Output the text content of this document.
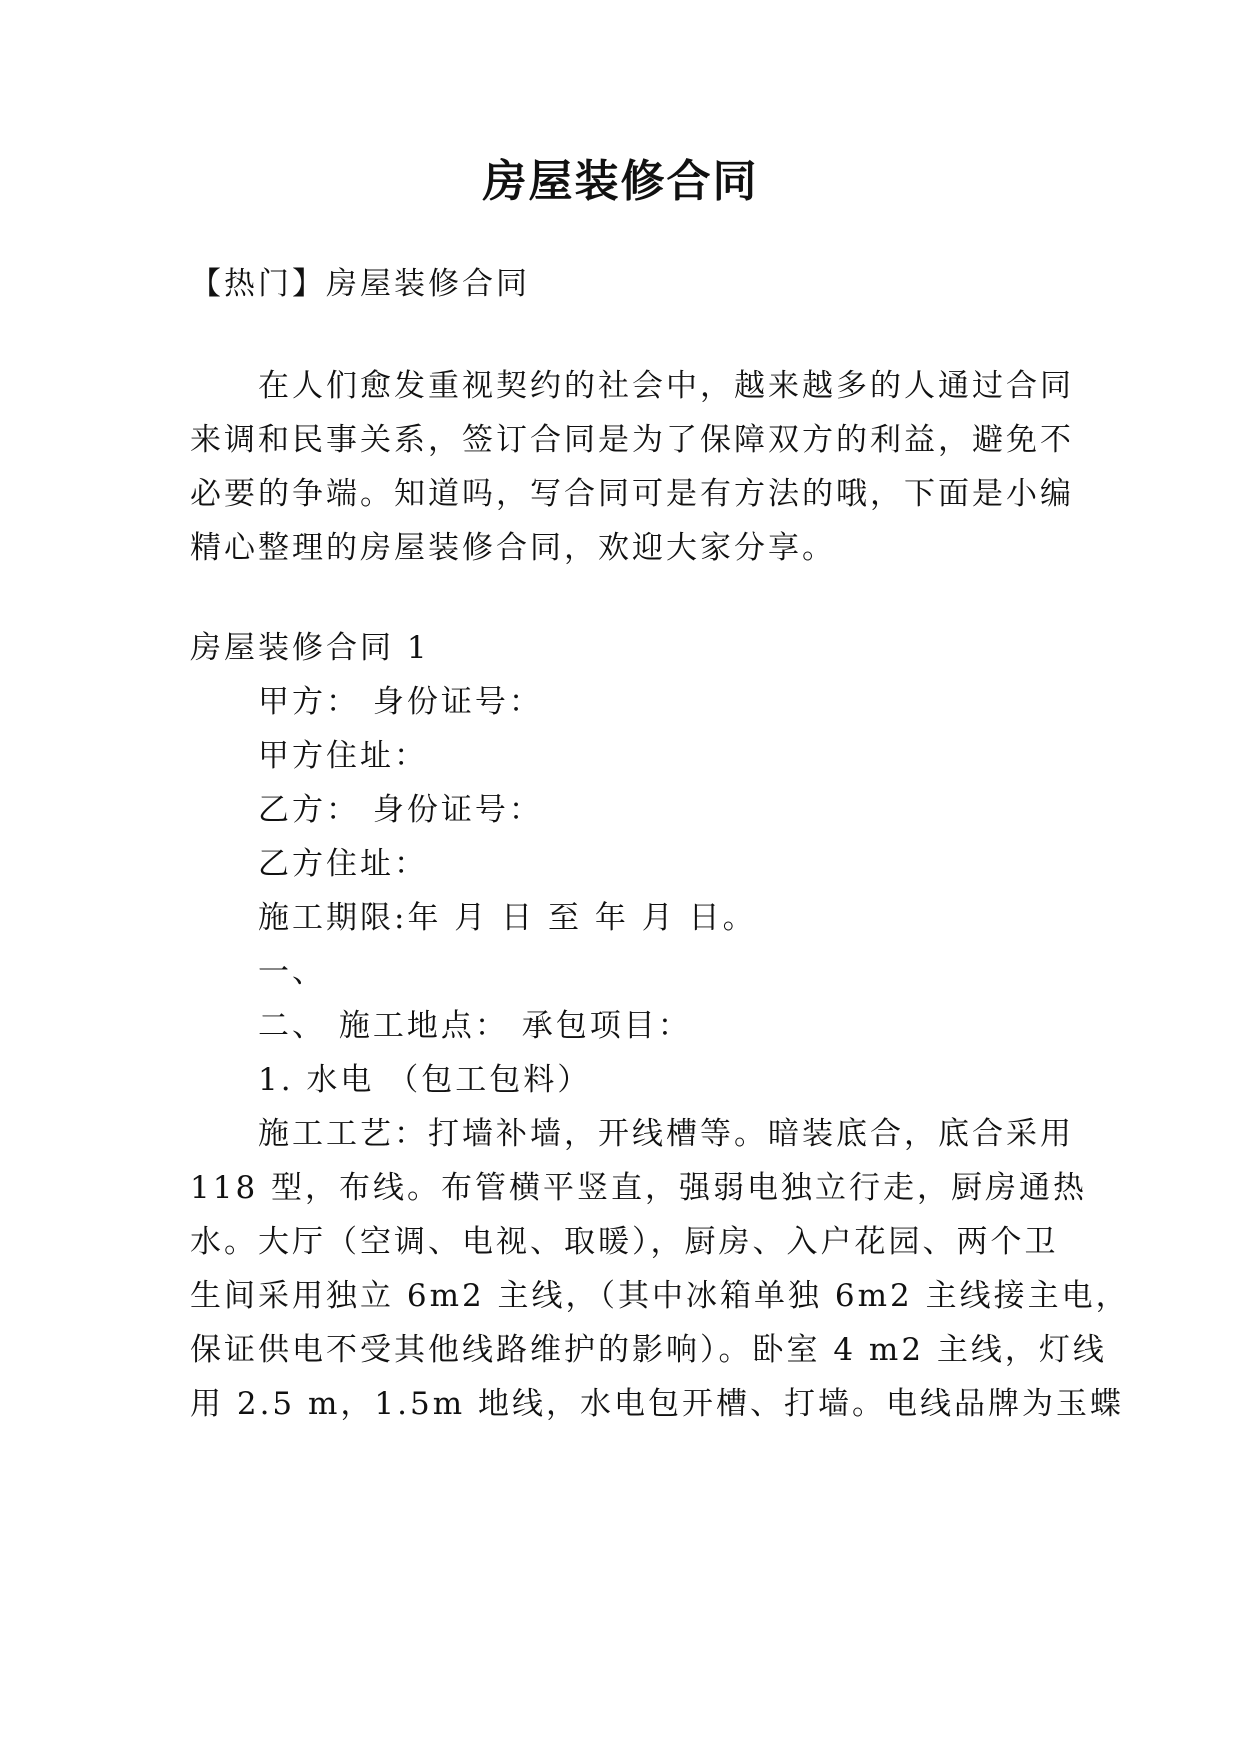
房屋装修合同

【热门】房屋装修合同

在人们愈发重视契约的社会中，越来越多的人通过合同

来调和民事关系，签订合同是为了保障双方的利益，避免不

必要的争端。知道吗，写合同可是有方法的哦，下面是小编

精心整理的房屋装修合同，欢迎大家分享。

房屋装修合同 1

甲方： 身份证号：

甲方住址：

乙方： 身份证号：

乙方住址：

施工期限:年 月 日 至 年 月 日。

一、

二、 施工地点： 承包项目：

1. 水电 （包工包料）

施工工艺：打墙补墙，开线槽等。暗装底合，底合采用

118 型，布线。布管横平竖直，强弱电独立行走，厨房通热

水。大厅（空调、电视、取暖），厨房、入户花园、两个卫

生间采用独立 6m2 主线，（其中冰箱单独 6m2 主线接主电，

保证供电不受其他线路维护的影响）。卧室 4 m2 主线，灯线

用 2.5 m，1.5m 地线，水电包开槽、打墙。电线品牌为玉蝶
